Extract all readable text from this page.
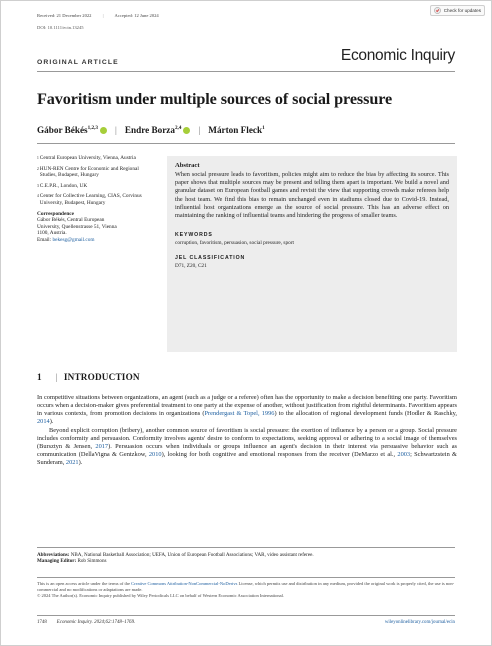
Received: 21 December 2022 | Accepted: 12 June 2024
Check for updates
DOI: 10.1111/ecin.13245
ORIGINAL ARTICLE	Economic Inquiry
Favoritism under multiple sources of social pressure
Gábor Békés$^{1,2,3}$	| Endre Borza$^{2,4}$	| Márton Fleck$^1$
1 Central European University, Vienna, Austria
2 HUN-REN Centre for Economic and Regional Studies, Budapest, Hungary
3 C.E.P.R., London, UK
4 Center for Collective Learning, CIAS, Corvinus University, Budapest, Hungary
Correspondence
Gábor Békés, Central European
University, Quellenstrasse 51, Vienna
1100, Austria.
Email: bekesg@gmail.com
Abstract
When social pressure leads to favoritism, policies might aim to reduce the bias by affecting its source. This paper shows that multiple sources may be present and telling them apart is important. We build a novel and granular dataset on European football games and revisit the view that supporting crowds make referees help the host team. We find this bias to remain unchanged even in stadiums closed due to Covid-19. Instead, influential host organizations emerge as the source of social pressure. This has an adverse effect on maintaining the ranking of influential teams and hindering the progress of smaller teams.
KEYWORDS
corruption, favoritism, persuasion, social pressure, sport
JEL CLASSIFICATION
D71, Z20, C21
1 | INTRODUCTION

In competitive situations between organizations, an agent (such as a judge or a referee) often has the opportunity to make a decision benefiting one party. Favoritism occurs when a decision-maker gives preferential treatment to one party at the expense of another, without justification from rightful determinants. Favoritism appears in various contexts, from promotion decisions in organizations (Prendergast & Topel, 1996) to the allocation of regional development funds (Hodler & Raschky, 2014).

Beyond explicit corruption (bribery), another common source of favoritism is social pressure: the exertion of influence by a person or a group. Social pressure includes conformity and persuasion. Conformity involves agents' desire to conform to expectations, seeking approval or adhering to a social image of themselves (Bursztyn & Jensen, 2017). Persuasion occurs when individuals or groups influence an agent's decision in their interest via persuasive behavior such as communication (DellaVigna & Gentzkow, 2010), looking for both cognitive and emotional responses from the receiver (DeMarzo et al., 2003; Schwartzstein & Sunderam, 2021).

Abbreviations: NBA, National Basketball Association; UEFA, Union of European Football Associations; VAR, video assistant referee.
Managing Editor: Rob Simmons
This is an open access article under the terms of the Creative Commons Attribution-NonCommercial-NoDerivs License, which permits use and distribution in any medium, provided the original work is properly cited, the use is non-commercial and no modifications or adaptations are made.
© 2024 The Author(s). Economic Inquiry published by Wiley Periodicals LLC on behalf of Western Economic Association International.
1748 Economic Inquiry. 2024;62:1748–1769.	wileyonlinelibrary.com/journal/ecin
